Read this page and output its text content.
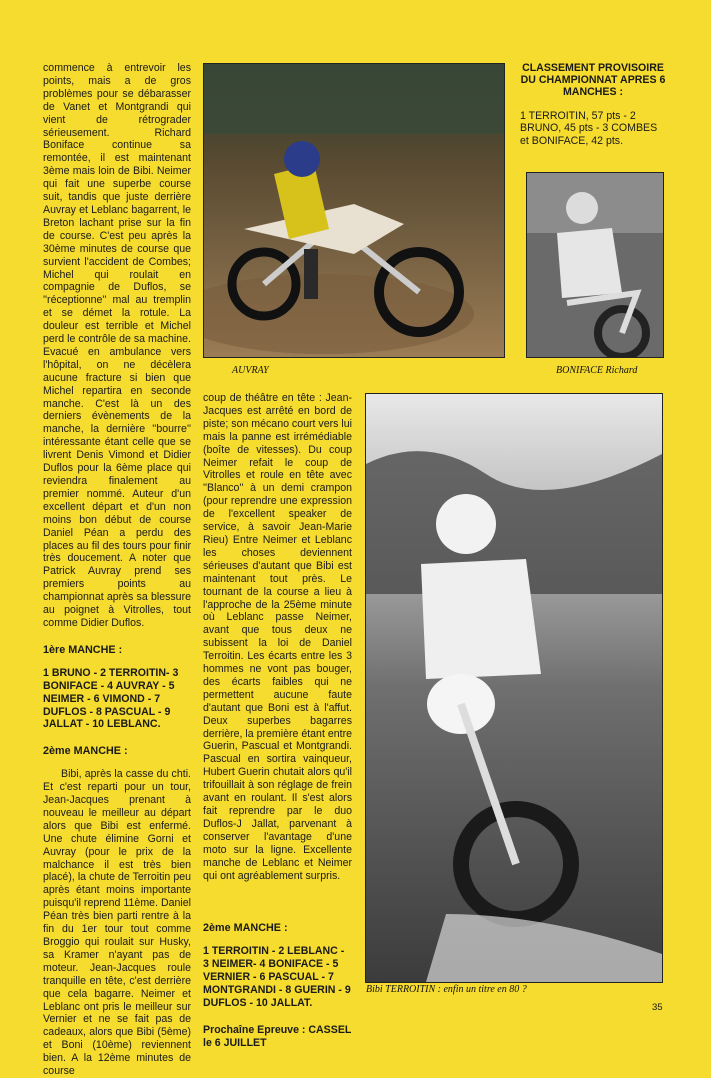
commence à entrevoir les points, mais a de gros problèmes pour se débarasser de Vanet et Montgrandi qui vient de rétrograder sérieusement. Richard Boniface continue sa remontée, il est maintenant 3ème mais loin de Bibi. Neimer qui fait une superbe course suit, tandis que juste derrière Auvray et Leblanc bagarrent, le Breton lachant prise sur la fin de course. C'est peu après la 30ème minutes de course que survient l'accident de Combes; Michel qui roulait en compagnie de Duflos, se ''réceptionne'' mal au tremplin et se démet la rotule. La douleur est terrible et Michel perd le contrôle de sa machine. Evacué en ambulance vers l'hôpital, on ne décèlera aucune fracture si bien que Michel repartira en seconde manche. C'est là un des derniers évènements de la manche, la dernière ''bourre'' intéressante étant celle que se livrent Denis Vimond et Didier Duflos pour la 6ème place qui reviendra finalement au premier nommé. Auteur d'un excellent départ et d'un non moins bon début de course Daniel Péan a perdu des places au fil des tours pour finir très doucement. A noter que Patrick Auvray prend ses premiers points au championnat après sa blessure au poignet à Vitrolles, tout comme Didier Duflos.

1ère MANCHE :

1 BRUNO - 2 TERROITIN- 3 BONIFACE - 4 AUVRAY - 5 NEIMER - 6 VIMOND - 7 DUFLOS - 8 PASCUAL - 9 JALLAT - 10 LEBLANC.

2ème MANCHE :

Bibi, après la casse du chti. Et c'est reparti pour un tour, Jean-Jacques prenant à nouveau le meilleur au départ alors que Bibi est enfermé. Une chute élimine Gorni et Auvray (pour le prix de la malchance il est très bien placé), la chute de Terroitin peu après étant moins importante puisqu'il reprend 11ème. Daniel Péan très bien parti rentre à la fin du 1er tour tout comme Broggio qui roulait sur Husky, sa Kramer n'ayant pas de moteur. Jean-Jacques roule tranquille en tête, c'est derrière que cela bagarre. Neimer et Leblanc ont pris le meilleur sur Vernier et ne se fait pas de cadeaux, alors que Bibi (5ème) et Boni (10ème) reviennent bien. A la 12ème minutes de course

AUVRAY
CLASSEMENT PROVISOIRE DU CHAMPIONNAT APRES 6 MANCHES :

1 TERROITIN, 57 pts - 2 BRUNO, 45 pts - 3 COMBES et BONIFACE, 42 pts.

BONIFACE Richard

coup de théâtre en tête : Jean-Jacques est arrêté en bord de piste; son mécano court vers lui mais la panne est irrémédiable (boîte de vitesses). Du coup Neimer refait le coup de Vitrolles et roule en tête avec ''Blanco'' à un demi crampon (pour reprendre une expression de l'excellent speaker de service, à savoir Jean-Marie Rieu) Entre Neimer et Leblanc les choses deviennent sérieuses d'autant que Bibi est maintenant tout près. Le tournant de la course a lieu à l'approche de la 25ème minute où Leblanc passe Neimer, avant que tous deux ne subissent la loi de Daniel Terroitin. Les écarts entre les 3 hommes ne vont pas bouger, des écarts faibles qui ne permettent aucune faute d'autant que Boni est à l'affut. Deux superbes bagarres derrière, la première étant entre Guerin, Pascual et Montgrandi. Pascual en sortira vainqueur, Hubert Guerin chutait alors qu'il trifouillait à son réglage de frein avant en roulant. Il s'est alors fait reprendre par le duo Duflos-J Jallat, parvenant à conserver l'avantage d'une moto sur la ligne. Excellente manche de Leblanc et Neimer qui ont agréablement surpris.

2ème MANCHE :

1 TERROITIN - 2 LEBLANC - 3 NEIMER- 4 BONIFACE - 5 VERNIER - 6 PASCUAL - 7 MONTGRANDI - 8 GUERIN - 9 DUFLOS - 10 JALLAT.

Prochaîne Epreuve : CASSEL le 6 JUILLET

Bibi TERROITIN : enfin un titre en 80 ?
35
